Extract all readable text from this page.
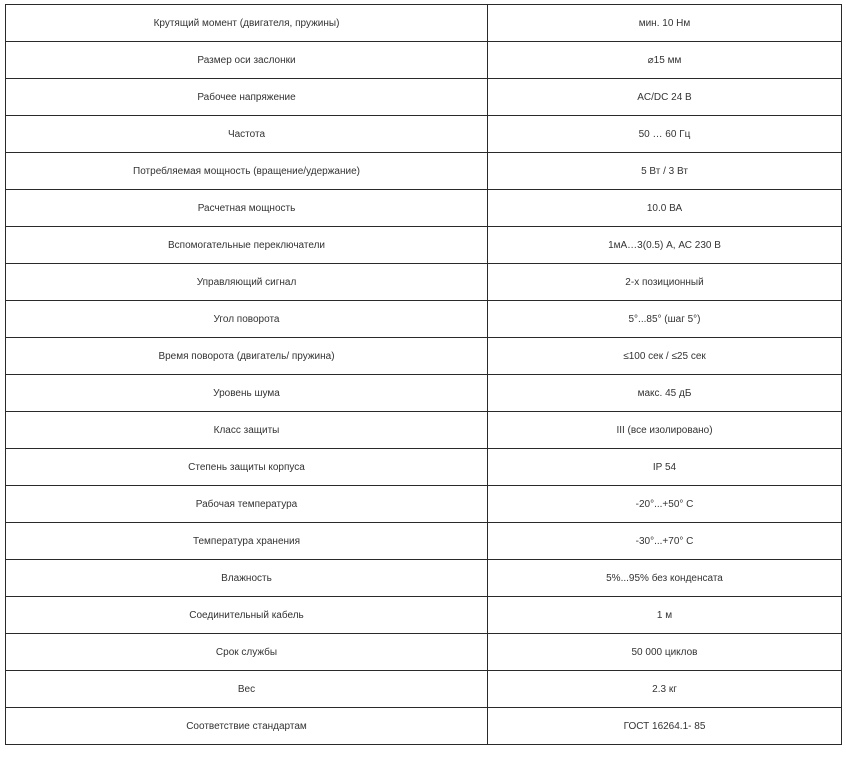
Крутящий момент (двигателя, пружины)	мин. 10 Нм
Размер оси заслонки	⌀15 мм
Рабочее напряжение	AC/DC 24 В
Частота	50 … 60 Гц
Потребляемая мощность (вращение/удержание)	5 Вт / 3 Вт
Расчетная мощность	10.0 ВА
Вспомогательные переключатели	1мА…3(0.5) А, АС 230 В
Управляющий сигнал	2-х позиционный
Угол поворота	5°...85° (шаг 5°)
Время поворота (двигатель/ пружина)	≤100 сек / ≤25 сек
Уровень шума	макс. 45 дБ
Класс защиты	III (все изолировано)
Степень защиты корпуса	IP 54
Рабочая температура	-20°...+50° С
Температура хранения	-30°...+70° С
Влажность	5%...95% без конденсата
Соединительный кабель	1 м
Срок службы	50 000 циклов
Вес	2.3 кг
Соответствие стандартам	ГОСТ 16264.1- 85
